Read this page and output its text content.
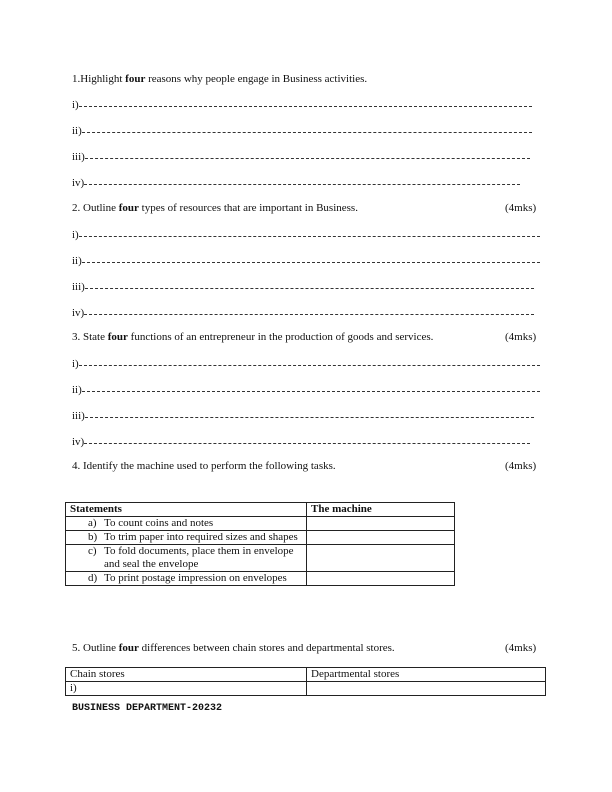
1.Highlight four reasons why people engage in Business activities.
i)
ii)
iii)
iv)
2. Outline four types of resources that are important in Business.	(4mks)
i)
ii)
iii)
iv)
3. State four functions of an entrepreneur in the production of goods and services.	(4mks)
i)
ii)
iii)
iv)
4. Identify the machine used to perform the following tasks.	(4mks)
Statements	The machine

a) To count coins and notes	

b) To trim paper into required sizes and shapes	

c) To fold documents, place them in envelope and seal the envelope	

d) To print postage impression on envelopes	

5. Outline four differences between chain stores and departmental stores.	(4mks)
Chain stores	Departmental stores
i)	
BUSINESS DEPARTMENT-20232
